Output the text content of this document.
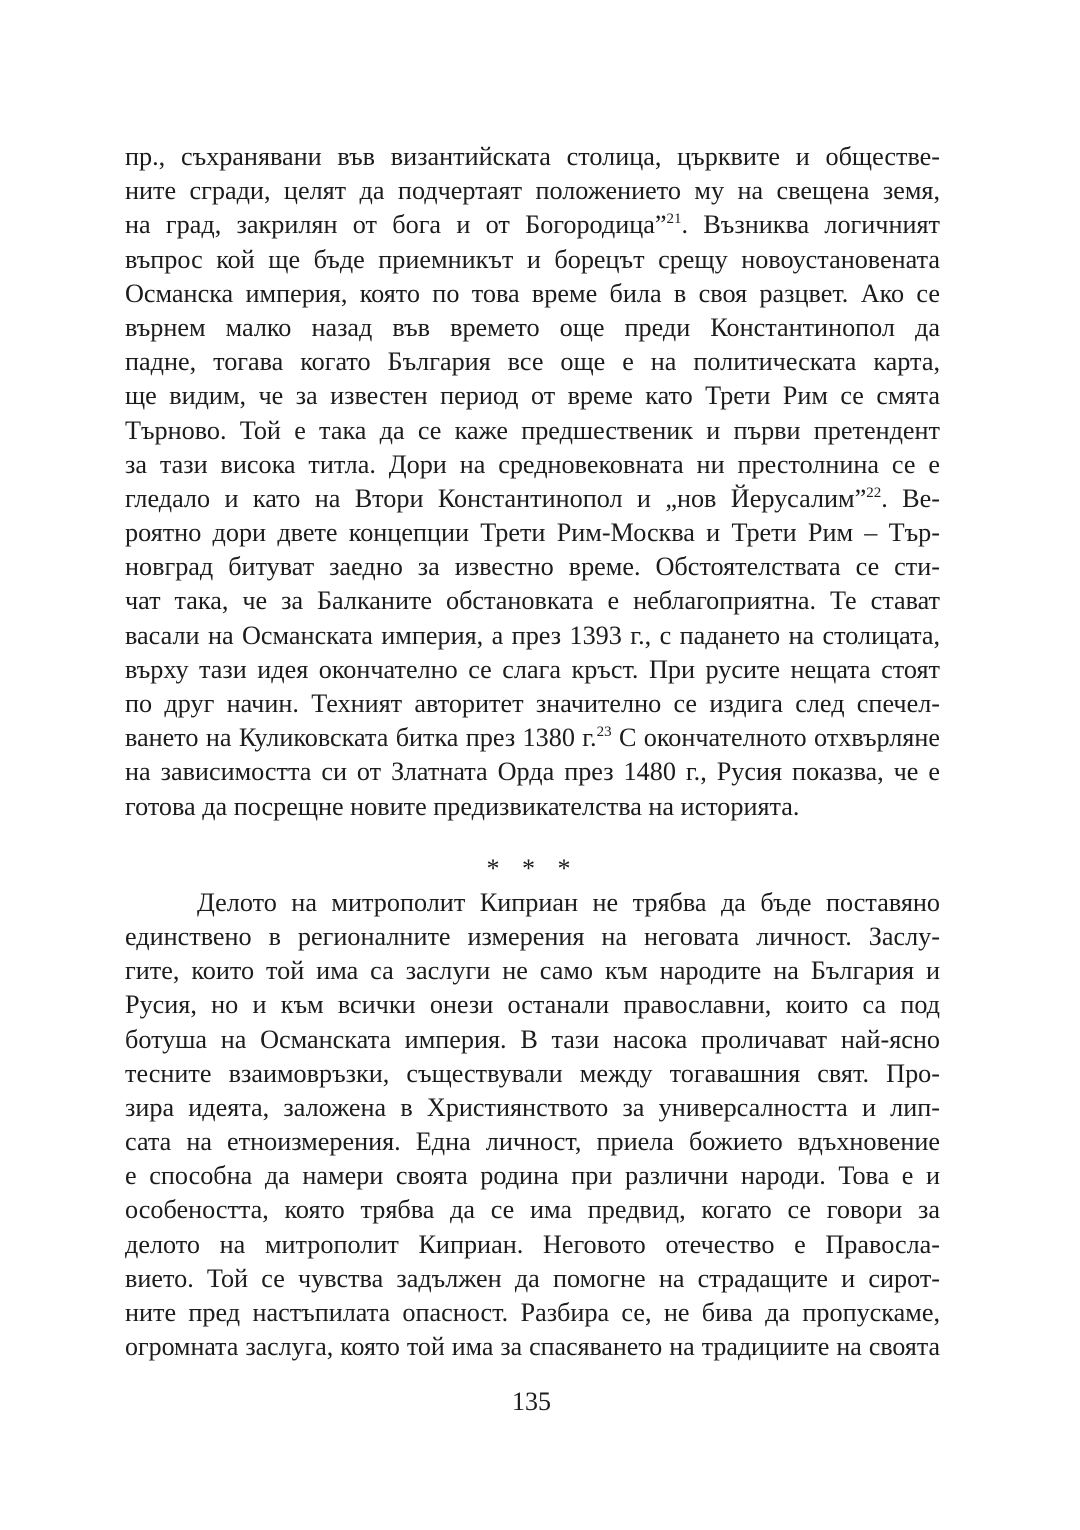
пр., съхранявани във византийската столица, църквите и обществе-
ните сгради, целят да подчертаят положението му на свещена земя,
на град, закрилян от бога и от Богородица”$^{21}$. Възниква логичният
въпрос кой ще бъде приемникът и борецът срещу новоустановената
Османска империя, която по това време била в своя разцвет. Ако се
върнем малко назад във времето още преди Константинопол да
падне, тогава когато България все още е на политическата карта,
ще видим, че за известен период от време като Трети Рим се смята
Търново. Той е така да се каже предшественик и първи претендент
за тази висока титла. Дори на средновековната ни престолнина се е
гледало и като на Втори Константинопол и „нов Йерусалим”$^{22}$. Ве-
роятно дори двете концепции Трети Рим-Москва и Трети Рим – Тър-
новград битуват заедно за известно време. Обстоятелствата се сти-
чат така, че за Балканите обстановката е неблагоприятна. Те стават
васали на Османската империя, а през 1393 г., с падането на столицата,
върху тази идея окончателно се слага кръст. При русите нещата стоят
по друг начин. Техният авторитет значително се издига след спечел-
ването на Куликовската битка през 1380 г.$^{23}$ С окончателното отхвърляне
на зависимостта си от Златната Орда през 1480 г., Русия показва, че е
готова да посрещне новите предизвикателства на историята.
* * *
Делото на митрополит Киприан не трябва да бъде поставяно
единствено в регионалните измерения на неговата личност. Заслу-
гите, които той има са заслуги не само към народите на България и
Русия, но и към всички онези останали православни, които са под
ботуша на Османската империя. В тази насока проличават най-ясно
тесните взаимовръзки, съществували между тогавашния свят. Про-
зира идеята, заложена в Християнството за универсалността и лип-
сата на етноизмерения. Една личност, приела божието вдъхновение
е способна да намери своята родина при различни народи. Това е и
особеността, която трябва да се има предвид, когато се говори за
делото на митрополит Киприан. Неговото отечество е Правосла-
вието. Той се чувства задължен да помогне на страдащите и сирот-
ните пред настъпилата опасност. Разбира се, не бива да пропускаме,
огромната заслуга, която той има за спасяването на традициите на своята
135
